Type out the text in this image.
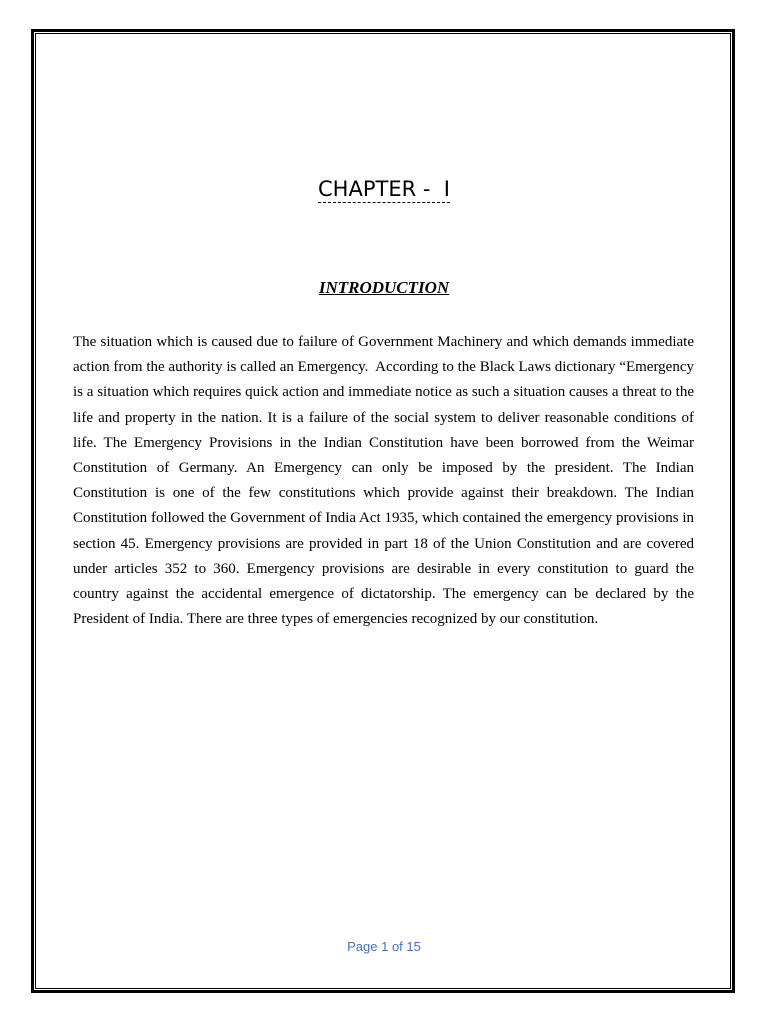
CHAPTER -  I
INTRODUCTION

The situation which is caused due to failure of Government Machinery and which demands immediate action from the authority is called an Emergency.  According to the Black Laws dictionary “Emergency is a situation which requires quick action and immediate notice as such a situation causes a threat to the life and property in the nation. It is a failure of the social system to deliver reasonable conditions of life. The Emergency Provisions in the Indian Constitution have been borrowed from the Weimar Constitution of Germany. An Emergency can only be imposed by the president. The Indian Constitution is one of the few constitutions which provide against their breakdown. The Indian Constitution followed the Government of India Act 1935, which contained the emergency provisions in section 45. Emergency provisions are provided in part 18 of the Union Constitution and are covered under articles 352 to 360. Emergency provisions are desirable in every constitution to guard the country against the accidental emergence of dictatorship. The emergency can be declared by the President of India. There are three types of emergencies recognized by our constitution.

Page 1 of 15
